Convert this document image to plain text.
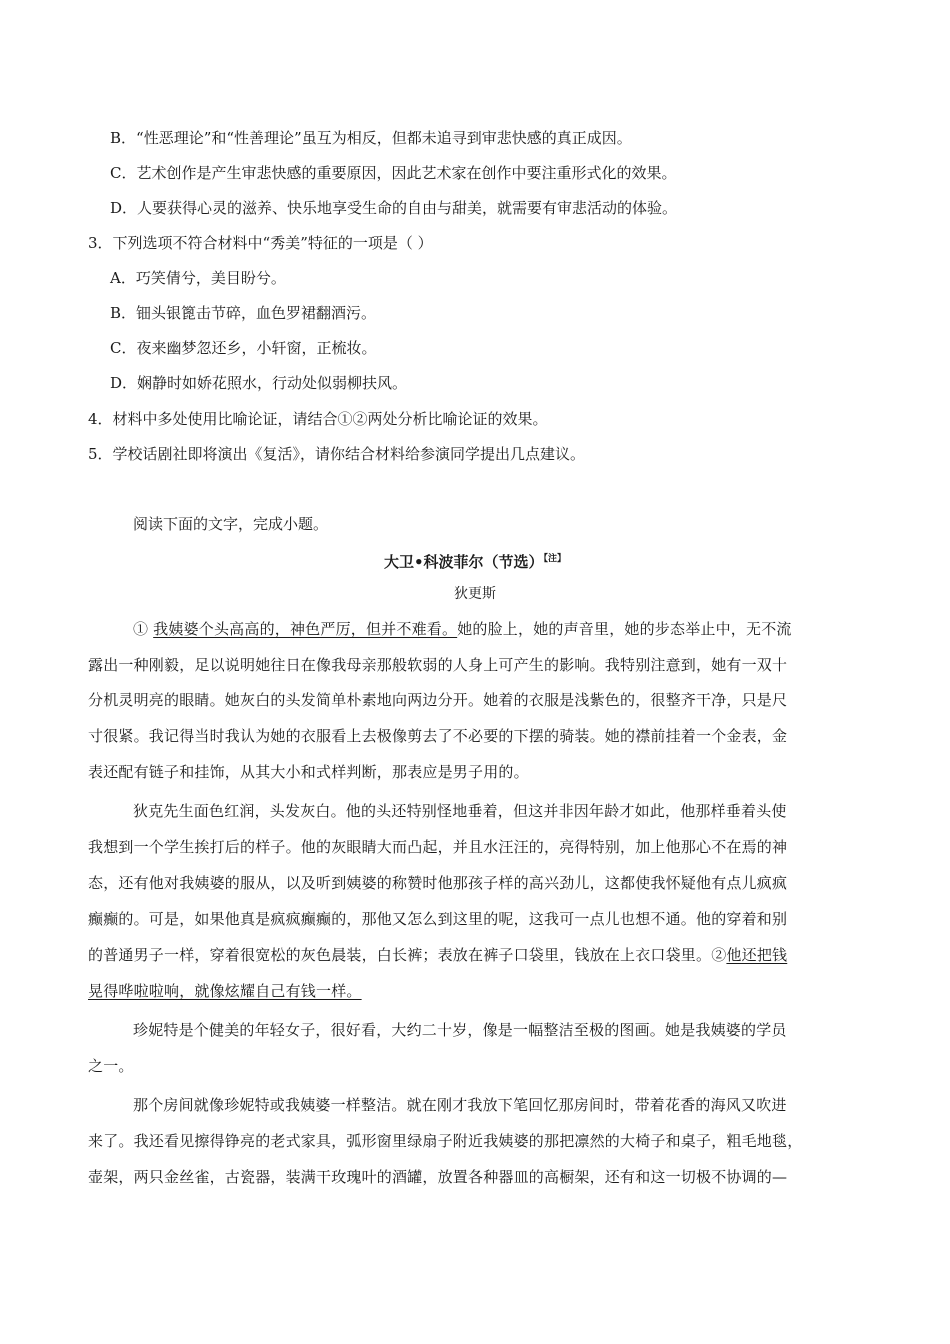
B．“性恶理论”和“性善理论”虽互为相反，但都未追寻到审悲快感的真正成因。
C．艺术创作是产生审悲快感的重要原因，因此艺术家在创作中要注重形式化的效果。
D．人要获得心灵的滋养、快乐地享受生命的自由与甜美，就需要有审悲活动的体验。
3．下列选项不符合材料中“秀美”特征的一项是（ ）
A．巧笑倩兮，美目盼兮。
B．钿头银篦击节碎，血色罗裙翻酒污。
C．夜来幽梦忽还乡，小轩窗，正梳妆。
D．娴静时如娇花照水，行动处似弱柳扶风。
4．材料中多处使用比喻论证，请结合①②两处分析比喻论证的效果。
5．学校话剧社即将演出《复活》，请你结合材料给参演同学提出几点建议。
阅读下面的文字，完成小题。
大卫•科波菲尔（节选）$^{【注】}$
狄更斯
① 我姨婆个头高高的，神色严厉，但并不难看。她的脸上，她的声音里，她的步态举止中，无不流
露出一种刚毅，足以说明她往日在像我母亲那般软弱的人身上可产生的影响。我特别注意到，她有一双十
分机灵明亮的眼睛。她灰白的头发简单朴素地向两边分开。她着的衣服是浅紫色的，很整齐干净，只是尺
寸很紧。我记得当时我认为她的衣服看上去极像剪去了不必要的下摆的骑装。她的襟前挂着一个金表，金
表还配有链子和挂饰，从其大小和式样判断，那表应是男子用的。
狄克先生面色红润，头发灰白。他的头还特别怪地垂着，但这并非因年龄才如此，他那样垂着头使
我想到一个学生挨打后的样子。他的灰眼睛大而凸起，并且水汪汪的，亮得特别，加上他那心不在焉的神
态，还有他对我姨婆的服从，以及听到姨婆的称赞时他那孩子样的高兴劲儿，这都使我怀疑他有点儿疯疯
癫癫的。可是，如果他真是疯疯癫癫的，那他又怎么到这里的呢，这我可一点儿也想不通。他的穿着和别
的普通男子一样，穿着很宽松的灰色晨装，白长裤；表放在裤子口袋里，钱放在上衣口袋里。②他还把钱
晃得哗啦啦响，就像炫耀自己有钱一样。
珍妮特是个健美的年轻女子，很好看，大约二十岁，像是一幅整洁至极的图画。她是我姨婆的学员
之一。
那个房间就像珍妮特或我姨婆一样整洁。就在刚才我放下笔回忆那房间时，带着花香的海风又吹进
来了。我还看见擦得铮亮的老式家具，弧形窗里绿扇子附近我姨婆的那把凛然的大椅子和桌子，粗毛地毯，
壶架，两只金丝雀，古瓷器，装满干玫瑰叶的酒罐，放置各种器皿的高橱架，还有和这一切极不协调的—
